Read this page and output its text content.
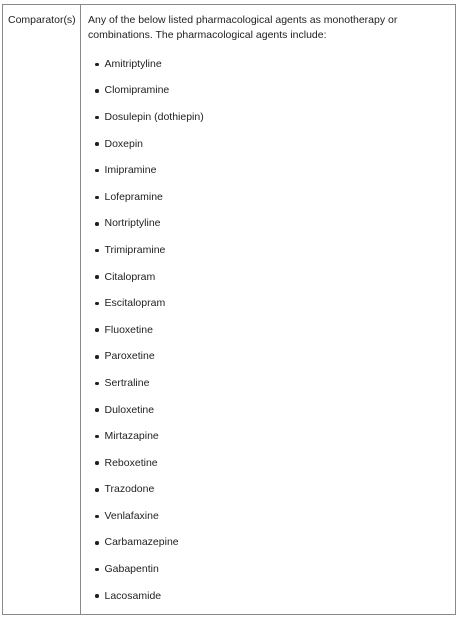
Comparator(s)	Any of the below listed pharmacological agents as monotherapy or combinations. The pharmacological agents include:

Amitriptyline
Clomipramine
Dosulepin (dothiepin)
Doxepin
Imipramine
Lofepramine
Nortriptyline
Trimipramine
Citalopram
Escitalopram
Fluoxetine
Paroxetine
Sertraline
Duloxetine
Mirtazapine
Reboxetine
Trazodone
Venlafaxine
Carbamazepine
Gabapentin
Lacosamide
